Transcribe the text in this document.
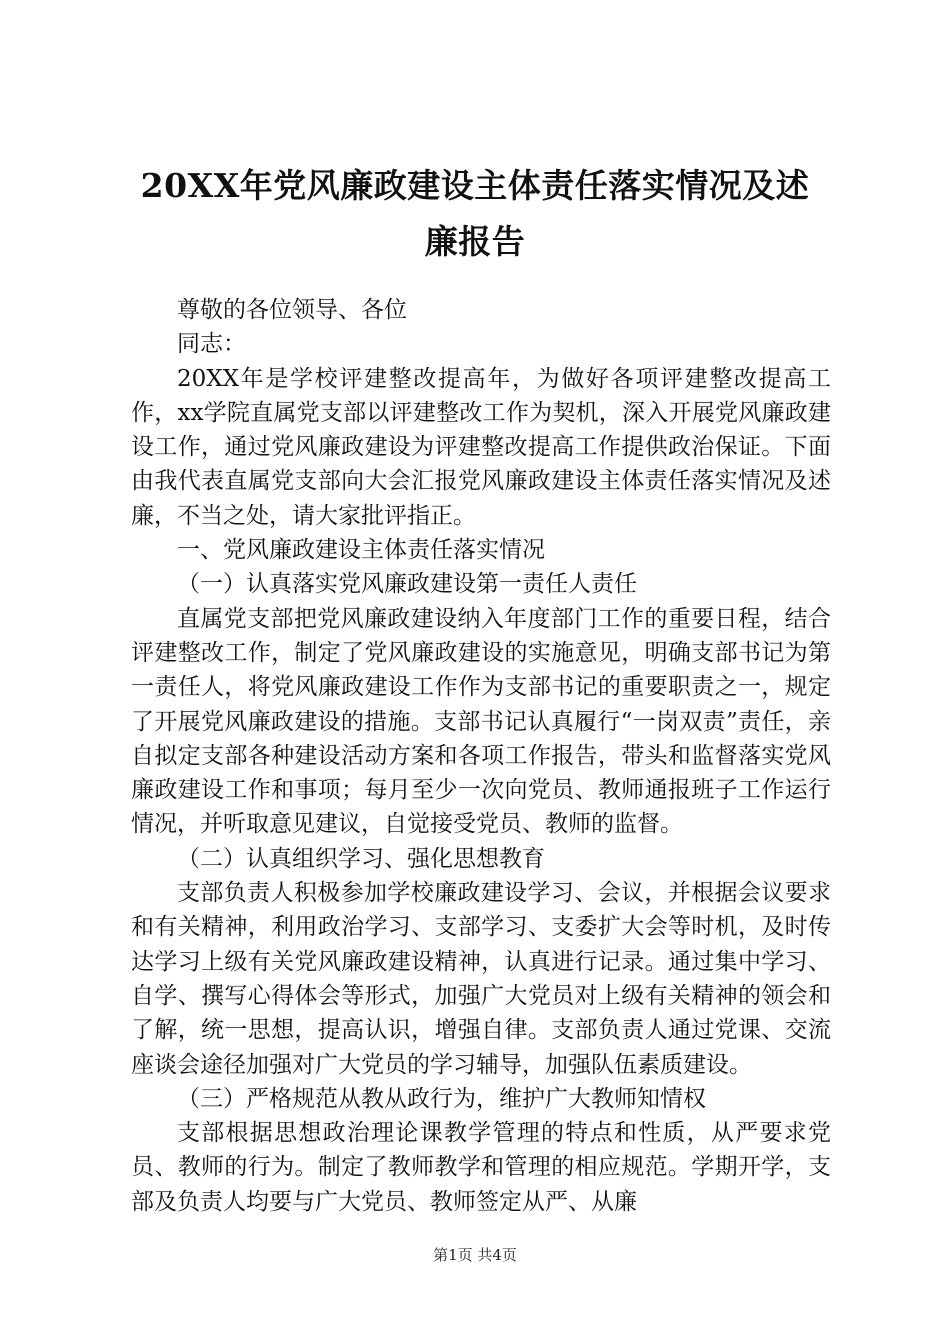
20XX年党风廉政建设主体责任落实情况及述
廉报告

尊敬的各位领导、各位

同志：

20XX年是学校评建整改提高年，为做好各项评建整改提高工作，xx学院直属党支部以评建整改工作为契机，深入开展党风廉政建设工作，通过党风廉政建设为评建整改提高工作提供政治保证。下面由我代表直属党支部向大会汇报党风廉政建设主体责任落实情况及述廉，不当之处，请大家批评指正。

一、党风廉政建设主体责任落实情况

（一）认真落实党风廉政建设第一责任人责任

直属党支部把党风廉政建设纳入年度部门工作的重要日程，结合评建整改工作，制定了党风廉政建设的实施意见，明确支部书记为第一责任人，将党风廉政建设工作作为支部书记的重要职责之一，规定了开展党风廉政建设的措施。支部书记认真履行“一岗双责”责任，亲自拟定支部各种建设活动方案和各项工作报告，带头和监督落实党风廉政建设工作和事项；每月至少一次向党员、教师通报班子工作运行情况，并听取意见建议，自觉接受党员、教师的监督。

（二）认真组织学习、强化思想教育

支部负责人积极参加学校廉政建设学习、会议，并根据会议要求和有关精神，利用政治学习、支部学习、支委扩大会等时机，及时传达学习上级有关党风廉政建设精神，认真进行记录。通过集中学习、自学、撰写心得体会等形式，加强广大党员对上级有关精神的领会和了解，统一思想，提高认识，增强自律。支部负责人通过党课、交流座谈会途径加强对广大党员的学习辅导，加强队伍素质建设。

（三）严格规范从教从政行为，维护广大教师知情权

支部根据思想政治理论课教学管理的特点和性质，从严要求党员、教师的行为。制定了教师教学和管理的相应规范。学期开学，支部及负责人均要与广大党员、教师签定从严、从廉

第1页 共4页
